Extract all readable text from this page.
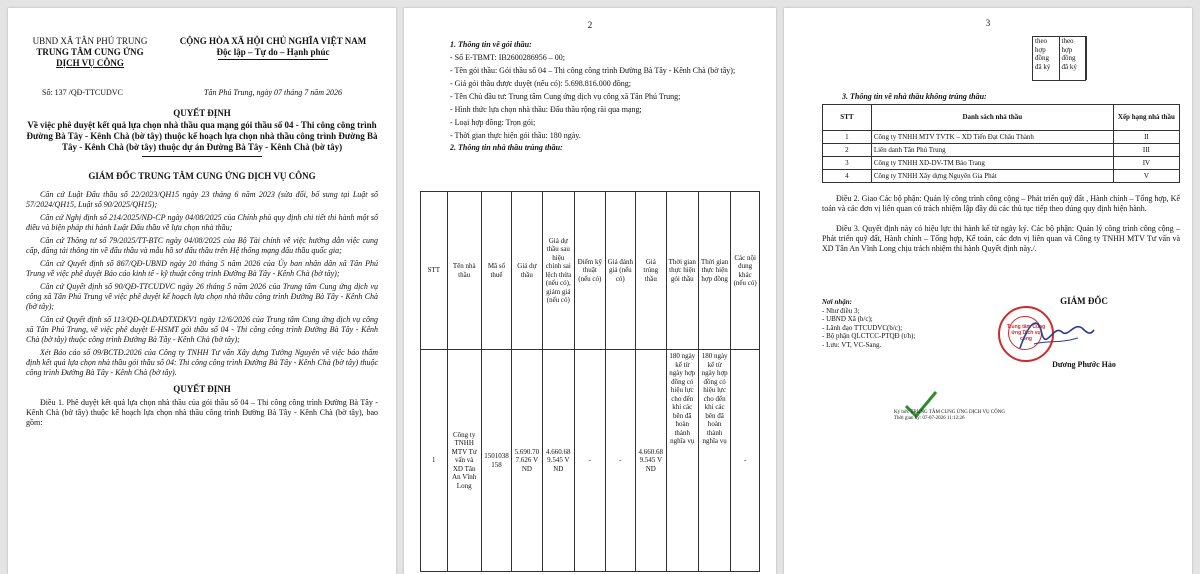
UBND XÃ TÂN PHÚ TRUNG
TRUNG TÂM CUNG ỨNG
DỊCH VỤ CÔNG
CỘNG HÒA XÃ HỘI CHỦ NGHĨA VIỆT NAM
Độc lập – Tự do – Hạnh phúc
Số: 137 /QĐ-TTCUDVC	Tân Phú Trung, ngày 07 tháng 7 năm 2026
QUYẾT ĐỊNH
Về việc phê duyệt kết quả lựa chọn nhà thầu qua mạng gói thầu số 04 - Thi công công trình Đường Bà Tây - Kênh Chà (bờ tây) thuộc kế hoạch lựa chọn nhà thầu công trình Đường Bà Tây - Kênh Chà (bờ tây) thuộc dự án Đường Bà Tây - Kênh Chà (bờ tây)
GIÁM ĐỐC TRUNG TÂM CUNG ỨNG DỊCH VỤ CÔNG
Căn cứ Luật Đấu thầu số 22/2023/QH15 ngày 23 tháng 6 năm 2023 (sửa đổi, bổ sung tại Luật số 57/2024/QH15, Luật số 90/2025/QH15);
Căn cứ Nghị định số 214/2025/NĐ-CP ngày 04/08/2025 của Chính phủ quy định chi tiết thi hành một số điều và biện pháp thi hành Luật Đấu thầu về lựa chọn nhà thầu;
Căn cứ Thông tư số 79/2025/TT-BTC ngày 04/08/2025 của Bộ Tài chính về việc hướng dẫn việc cung cấp, đăng tải thông tin về đấu thầu và mẫu hồ sơ đấu thầu trên Hệ thống mạng đấu thầu quốc gia;
Căn cứ Quyết định số 867/QĐ-UBND ngày 20 tháng 5 năm 2026 của Ủy ban nhân dân xã Tân Phú Trung về việc phê duyệt Báo cáo kinh tế - kỹ thuật công trình Đường Bà Tây - Kênh Chà (bờ tây);
Căn cứ Quyết định số 90/QĐ-TTCUDVC ngày 26 tháng 5 năm 2026 của Trung tâm Cung ứng dịch vụ công xã Tân Phú Trung về việc phê duyệt kế hoạch lựa chọn nhà thầu công trình Đường Bà Tây - Kênh Chà (bờ tây);
Căn cứ Quyết định số 113/QĐ-QLDAĐTXDKV1 ngày 12/6/2026 của Trung tâm Cung ứng dịch vụ công xã Tân Phú Trung, về việc phê duyệt E-HSMT gói thầu số 04 - Thi công công trình Đường Bà Tây - Kênh Chà (bờ tây) thuộc công trình Đường Bà Tây - Kênh Chà (bờ tây);
Xét Báo cáo số 09/BCTĐ.2026 của Công ty TNHH Tư vấn Xây dựng Tường Nguyên về việc báo thẩm định kết quả lựa chọn nhà thầu gói thầu số 04: Thi công công trình Đường Bà Tây - Kênh Chà (bờ tây) thuộc công trình Đường Bà Tây - Kênh Chà (bờ tây).
QUYẾT ĐỊNH
Điều 1. Phê duyệt kết quả lựa chọn nhà thầu của gói thầu số 04 – Thi công công trình Đường Bà Tây - Kênh Chà (bờ tây) thuộc kế hoạch lựa chọn nhà thầu công trình Đường Bà Tây - Kênh Chà (bờ tây), bao gồm:
2
1. Thông tin về gói thầu:
- Số E-TBMT: IB2600286956 – 00;
- Tên gói thầu: Gói thầu số 04 – Thi công công trình Đường Bà Tây - Kênh Chà (bờ tây);
- Giá gói thầu được duyệt (nếu có): 5.698.816.000 đồng;
- Tên Chủ đầu tư: Trung tâm Cung ứng dịch vụ công xã Tân Phú Trung;
- Hình thức lựa chọn nhà thầu: Đấu thầu rộng rãi qua mạng;
- Loại hợp đồng: Trọn gói;
- Thời gian thực hiện gói thầu: 180 ngày.
2. Thông tin nhà thầu trúng thầu:
STT	Tên nhà thầu	Mã số thuế	Giá dự thầu	Giá dự thầu sau hiệu chỉnh sai lệch thừa (nếu có), giảm giá (nếu có)	Điểm kỹ thuật (nếu có)	Giá đánh giá (nếu có)	Giá trúng thầu	Thời gian thực hiện gói thầu	Thời gian thực hiện hợp đồng	Các nội dung khác (nếu có)
1	Công ty TNHH MTV Tư vấn và XD Tân An Vĩnh Long	1501038158	5.690.707.626 VND	4.660.689.545 VND	-	-	4.660.689.545 VND	180 ngày kể từ ngày hợp đồng có hiệu lực cho đến khi các bên đã hoàn thành nghĩa vụ	180 ngày kể từ ngày hợp đồng có hiệu lực cho đến khi các bên đã hoàn thành nghĩa vụ	-
3
theo hợp đồng đã ký	theo hợp đồng đã ký
3. Thông tin về nhà thầu không trúng thầu:
STT	Danh sách nhà thầu	Xếp hạng nhà thầu
1	Công ty TNHH MTV TVTK – XD Tiến Đạt Châu Thành	II
2	Liên danh Tân Phú Trung	III
3	Công ty TNHH XD-DV-TM Bảo Trang	IV
4	Công ty TNHH Xây dựng Nguyên Gia Phát	V
Điều 2. Giao Các bộ phận: Quản lý công trình công cộng – Phát triển quỹ đất , Hành chính – Tổng hợp, Kế toán và các đơn vị liên quan có trách nhiệm lập đầy đủ các thủ tục tiếp theo đúng quy định hiện hành.
Điều 3. Quyết định này có hiệu lực thi hành kể từ ngày ký. Các bộ phận: Quản lý công trình công cộng – Phát triển quỹ đất, Hành chính – Tổng hợp, Kế toán, các đơn vị liên quan và Công ty TNHH MTV Tư vấn và XD Tân An Vĩnh Long chịu trách nhiệm thi hành Quyết định này./.
Nơi nhận:
- Như điều 3;
- UBND Xã (b/c);
- Lãnh đạo TTCUDVC(b/c);
- Bộ phận QLCTCC-PTQĐ (t/h);
- Lưu: VT, VC-Sang.
GIÁM ĐỐC
Trung tâm Cung ứng Dịch vụ công
Dương Phước Hảo
Ký bởi: TRUNG TÂM CUNG ỨNG DỊCH VỤ CÔNG
Thời gian ký: 07-07-2026 11:12:26
